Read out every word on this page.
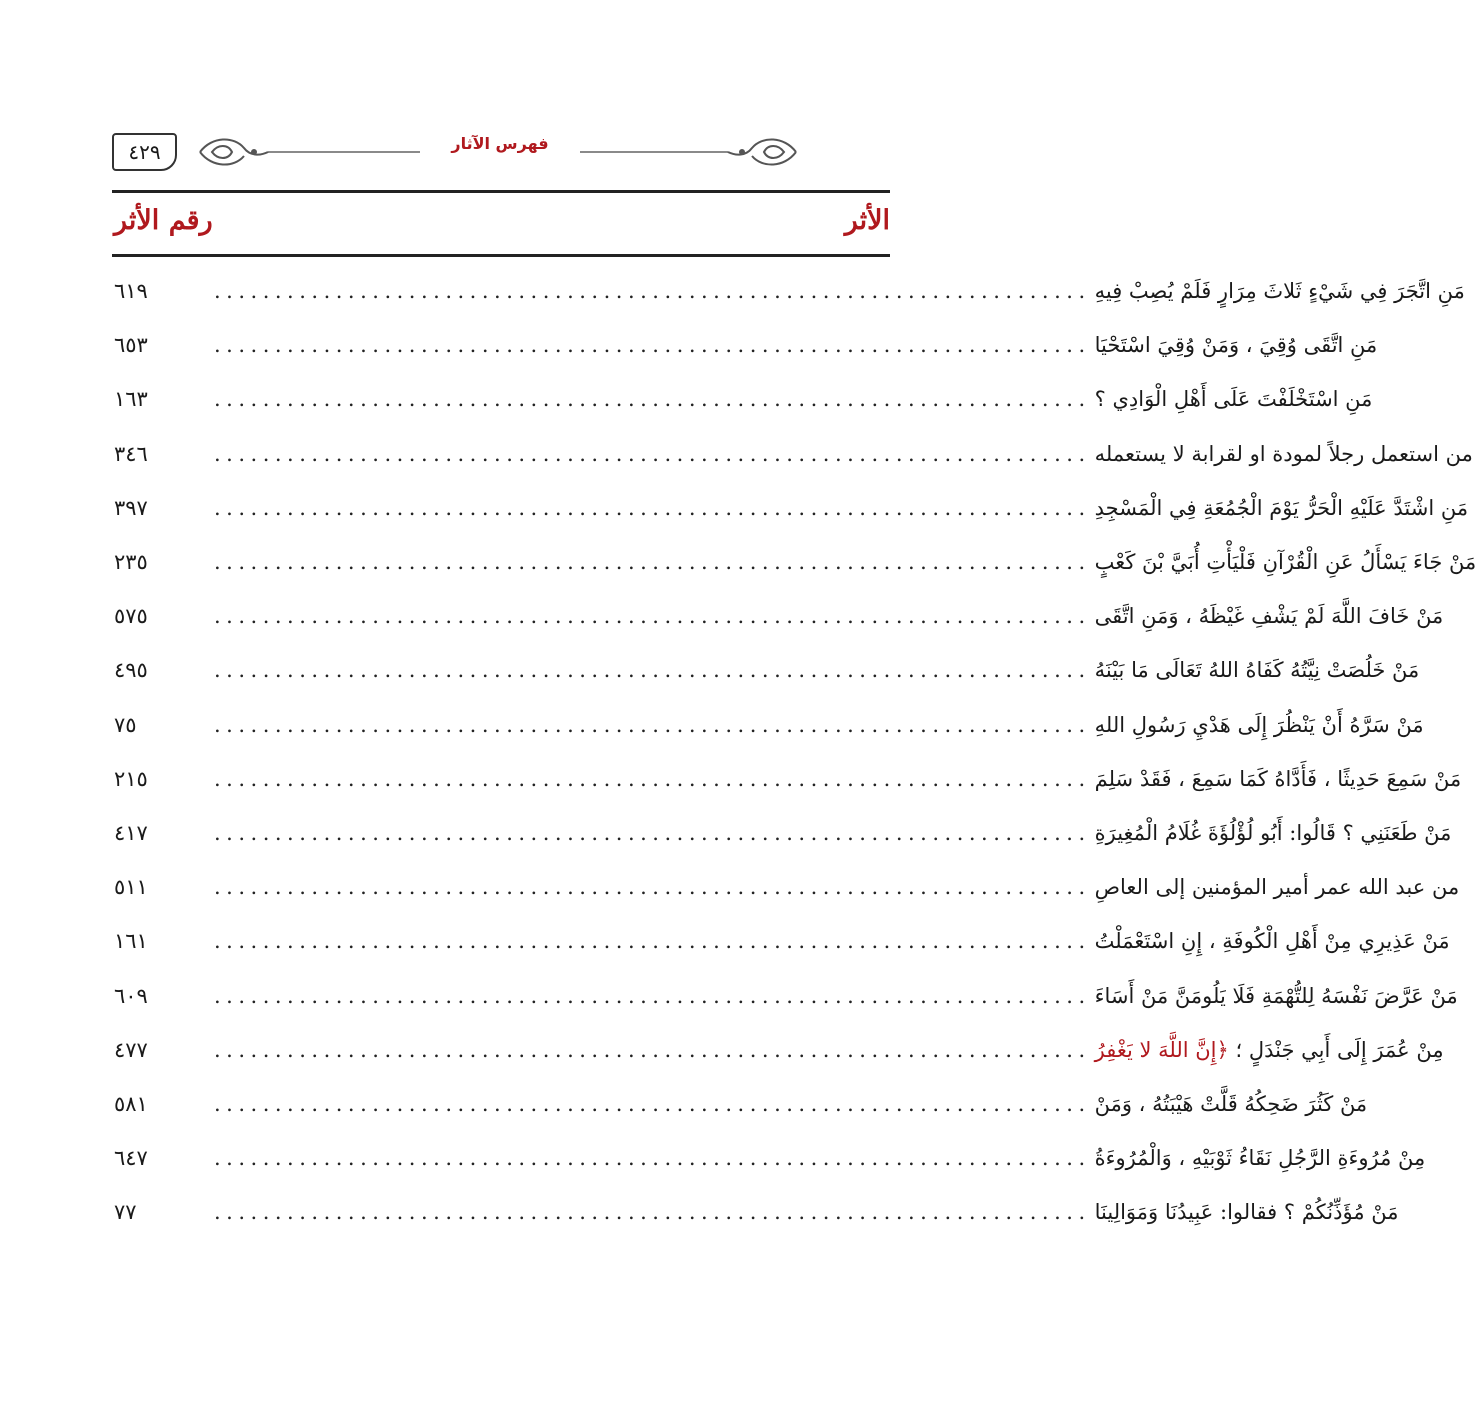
٤٢٩	فهرس الآثار
الأثر
رقم الأثر
٦١٩	مَنِ اتَّجَرَ فِي شَيْءٍ ثَلاثَ مِرَارٍ فَلَمْ يُصِبْ فِيهِ
........................................................................
٦٥٣	مَنِ اتَّقَى وُقِيَ ، وَمَنْ وُقِيَ اسْتَحْيَا
........................................................................
١٦٣	مَنِ اسْتَخْلَفْتَ عَلَى أَهْلِ الْوَادِي ؟
........................................................................
٣٤٦	من استعمل رجلاً لمودة او لقرابة لا يستعمله
........................................................................
٣٩٧	مَنِ اشْتَدَّ عَلَيْهِ الْحَرُّ يَوْمَ الْجُمُعَةِ فِي الْمَسْجِدِ
........................................................................
٢٣٥	مَنْ جَاءَ يَسْأَلُ عَنِ الْقُرْآنِ فَلْيَأْتِ أُبَيَّ بْنَ كَعْبٍ
........................................................................
٥٧٥	مَنْ خَافَ اللَّهَ لَمْ يَشْفِ غَيْظَهُ ، وَمَنِ اتَّقَى
........................................................................
٤٩٥	مَنْ خَلُصَتْ نِيَّتُهُ كَفَاهُ اللهُ تَعَالَى مَا بَيْنَهُ
........................................................................
٧٥	مَنْ سَرَّهُ أَنْ يَنْظُرَ إِلَى هَدْيِ رَسُولِ اللهِ
........................................................................
٢١٥	مَنْ سَمِعَ حَدِيثًا ، فَأَدَّاهُ كَمَا سَمِعَ ، فَقَدْ سَلِمَ
........................................................................
٤١٧	مَنْ طَعَنَنِي ؟ قَالُوا: أَبُو لُؤْلُؤَةَ غُلَامُ الْمُغِيرَةِ
........................................................................
٥١١	من عبد الله عمر أمير المؤمنين إلى العاصِ
........................................................................
١٦١	مَنْ عَذِيرِي مِنْ أَهْلِ الْكُوفَةِ ، إِنِ اسْتَعْمَلْتُ
........................................................................
٦٠٩	مَنْ عَرَّضَ نَفْسَهُ لِلتُّهْمَةِ فَلَا يَلُومَنَّ مَنْ أَسَاءَ
........................................................................
٤٧٧	مِنْ عُمَرَ إِلَى أَبِي جَنْدَلٍ ؛ ﴿إِنَّ اللَّهَ لا يَغْفِرُ
........................................................................
٥٨١	مَنْ كَثُرَ ضَحِكُهُ قَلَّتْ هَيْبَتُهُ ، وَمَنْ
........................................................................
٦٤٧	مِنْ مُرُوءَةِ الرَّجُلِ نَقَاءُ ثَوْبَيْهِ ، وَالْمُرُوءَةُ
........................................................................
٧٧	مَنْ مُؤَذِّنُكُمْ ؟ فقالوا: عَبِيدُنَا وَمَوَالِينَا
........................................................................
